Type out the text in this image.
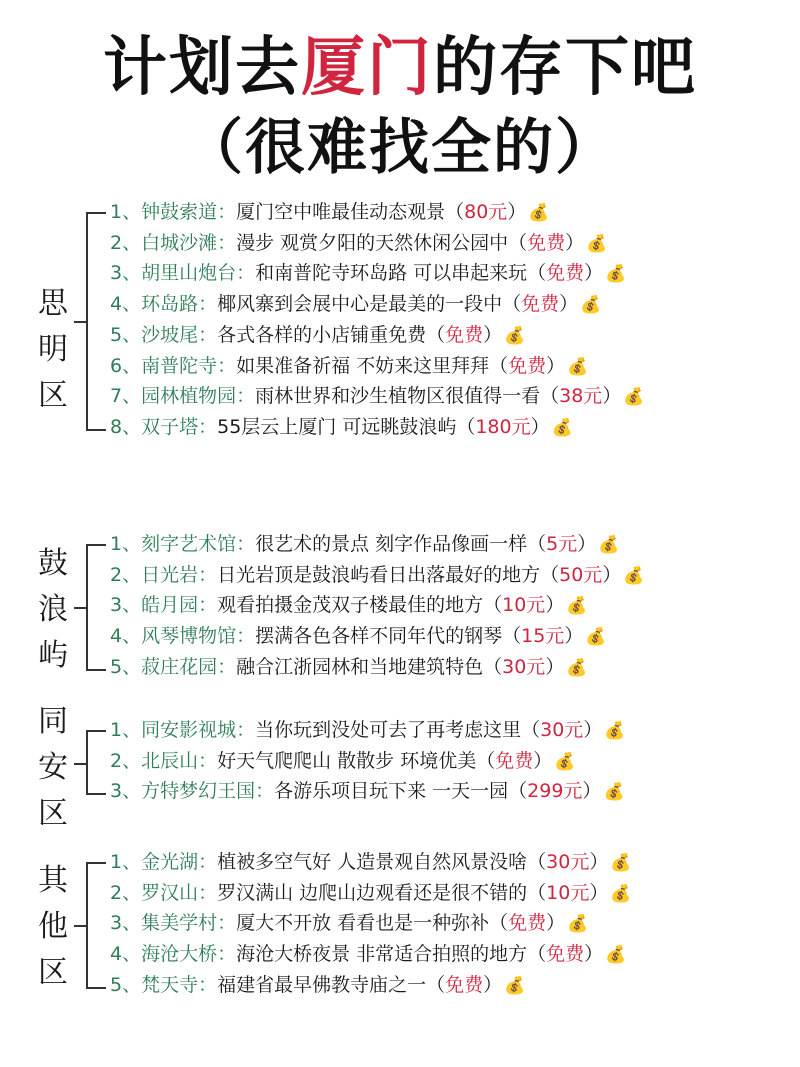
计划去厦门的存下吧
（很难找全的）
思
明
区
1、钟鼓索道：厦门空中唯最佳动态观景（80元） 💰
2、白城沙滩：漫步 观赏夕阳的天然休闲公园中（免费） 💰
3、胡里山炮台：和南普陀寺环岛路 可以串起来玩（免费） 💰
4、环岛路：椰风寨到会展中心是最美的一段中（免费） 💰
5、沙坡尾：各式各样的小店铺重免费（免费） 💰
6、南普陀寺：如果准备祈福 不妨来这里拜拜（免费） 💰
7、园林植物园：雨林世界和沙生植物区很值得一看（38元） 💰
8、双子塔：55层云上厦门 可远眺鼓浪屿（180元） 💰
鼓
浪
屿
1、刻字艺术馆：很艺术的景点 刻字作品像画一样（5元） 💰
2、日光岩：日光岩顶是鼓浪屿看日出落最好的地方（50元） 💰
3、皓月园：观看拍摄金茂双子楼最佳的地方（10元） 💰
4、风琴博物馆：摆满各色各样不同年代的钢琴（15元） 💰
5、菽庄花园：融合江浙园林和当地建筑特色（30元） 💰
同
安
区
1、同安影视城：当你玩到没处可去了再考虑这里（30元） 💰
2、北辰山：好天气爬爬山 散散步 环境优美（免费） 💰
3、方特梦幻王国：各游乐项目玩下来 一天一园（299元） 💰
其
他
区
1、金光湖：植被多空气好 人造景观自然风景没啥（30元） 💰
2、罗汉山：罗汉满山 边爬山边观看还是很不错的（10元） 💰
3、集美学村：厦大不开放 看看也是一种弥补（免费） 💰
4、海沧大桥：海沧大桥夜景 非常适合拍照的地方（免费） 💰
5、梵天寺：福建省最早佛教寺庙之一（免费） 💰
